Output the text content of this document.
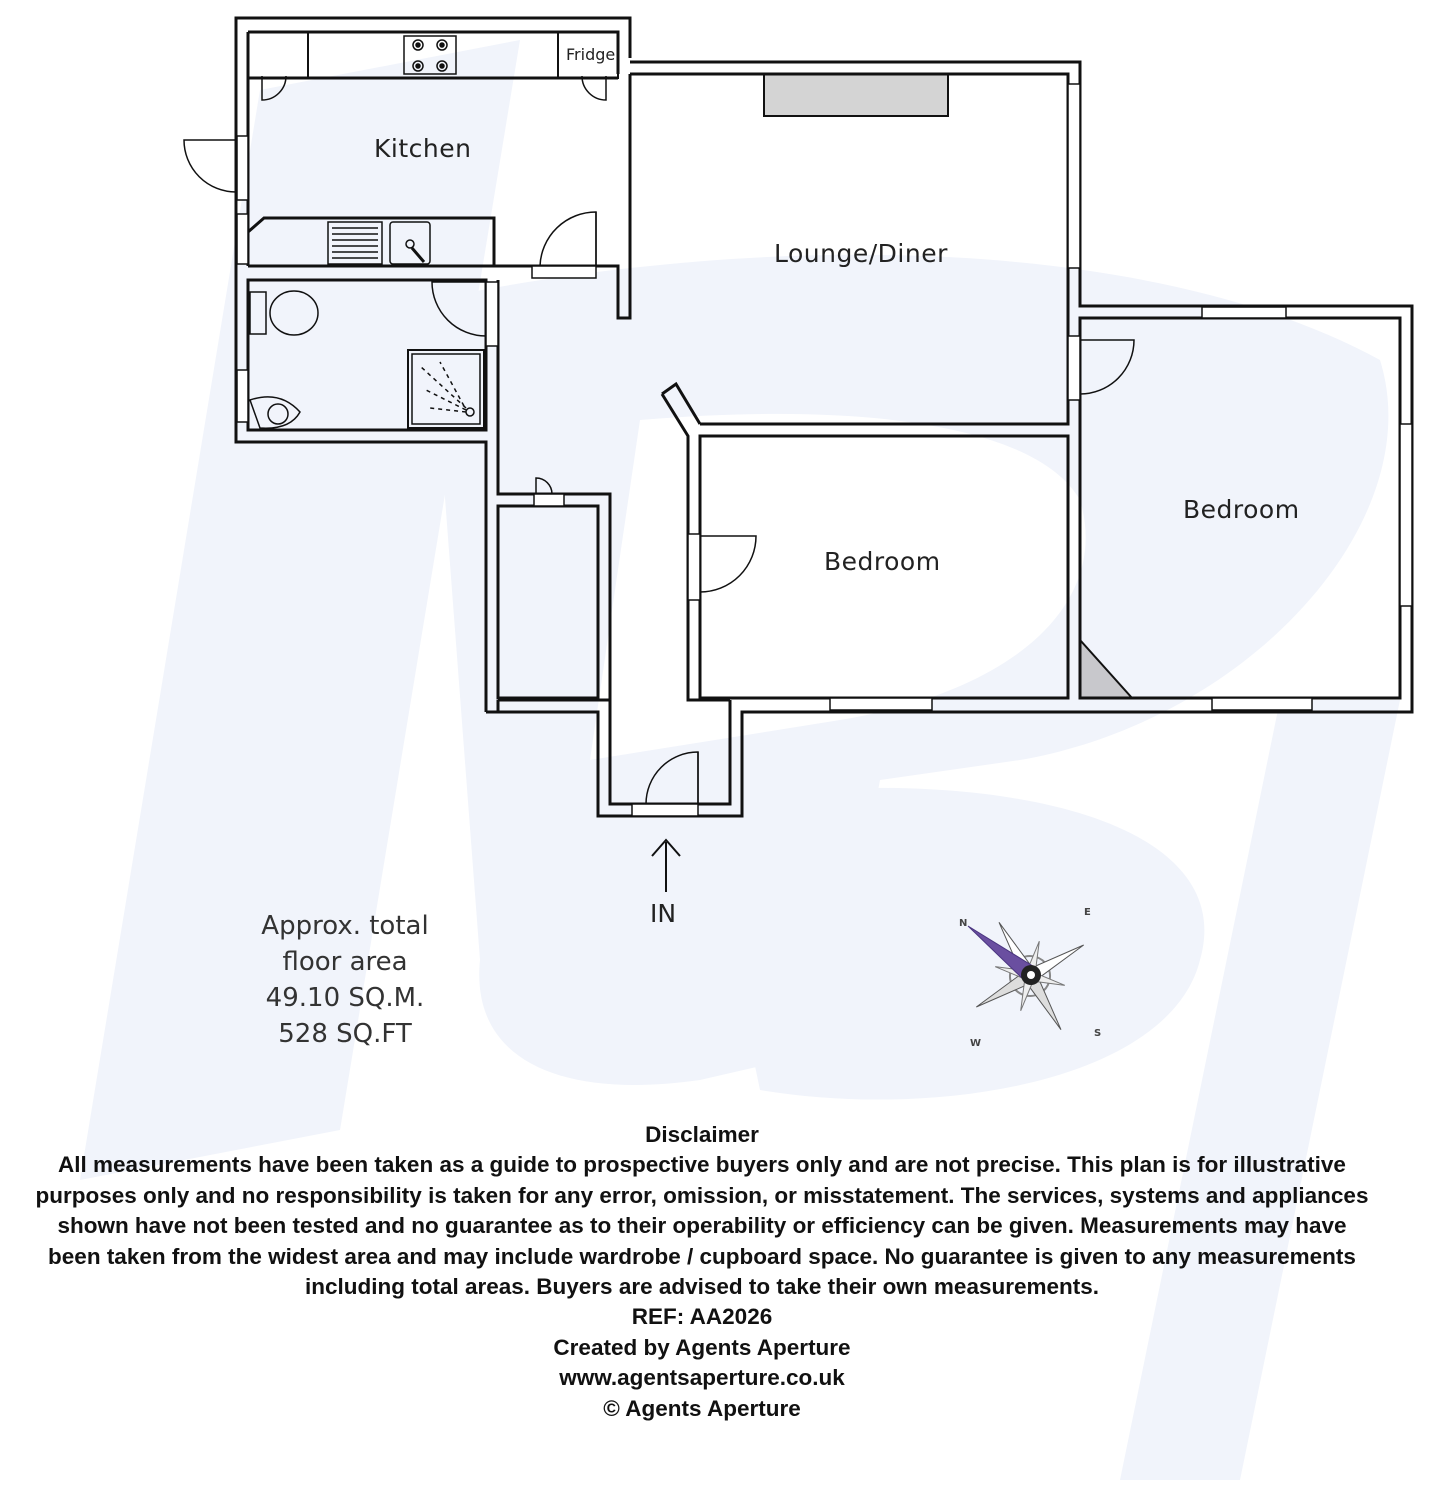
Kitchen
Lounge/Diner
Bedroom
Bedroom
Fridge
IN	N
E
S
W
Approx. total
floor area
49.10 SQ.M.
528 SQ.FT
Disclaimer
All measurements have been taken as a guide to prospective buyers only and are not precise. This plan is for illustrative purposes only and no responsibility is taken for any error, omission, or misstatement. The services, systems and appliances shown have not been tested and no guarantee as to their operability or efficiency can be given. Measurements may have been taken from the widest area and may include wardrobe / cupboard space. No guarantee is given to any measurements including total areas. Buyers are advised to take their own measurements.
REF: AA2026
Created by Agents Aperture
www.agentsaperture.co.uk
© Agents Aperture
